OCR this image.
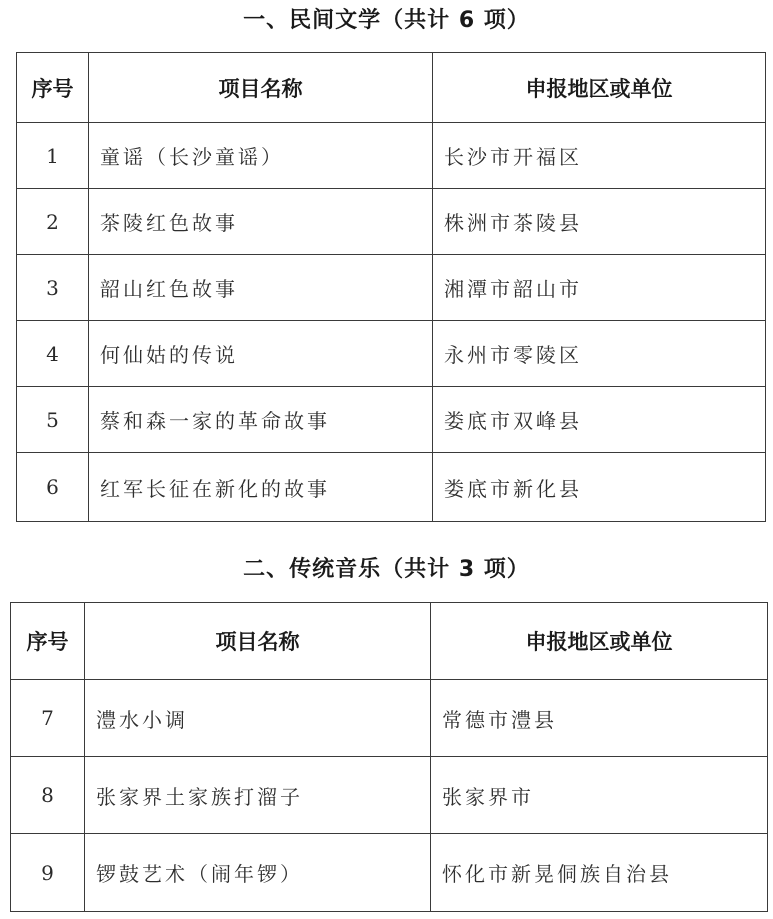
一、民间文学（共计 6 项）
序号	项目名称	申报地区或单位
1	童谣（长沙童谣）	长沙市开福区
2	茶陵红色故事	株洲市茶陵县
3	韶山红色故事	湘潭市韶山市
4	何仙姑的传说	永州市零陵区
5	蔡和森一家的革命故事	娄底市双峰县
6	红军长征在新化的故事	娄底市新化县
二、传统音乐（共计 3 项）
序号	项目名称	申报地区或单位
7	澧水小调	常德市澧县
8	张家界土家族打溜子	张家界市
9	锣鼓艺术（闹年锣）	怀化市新晃侗族自治县
